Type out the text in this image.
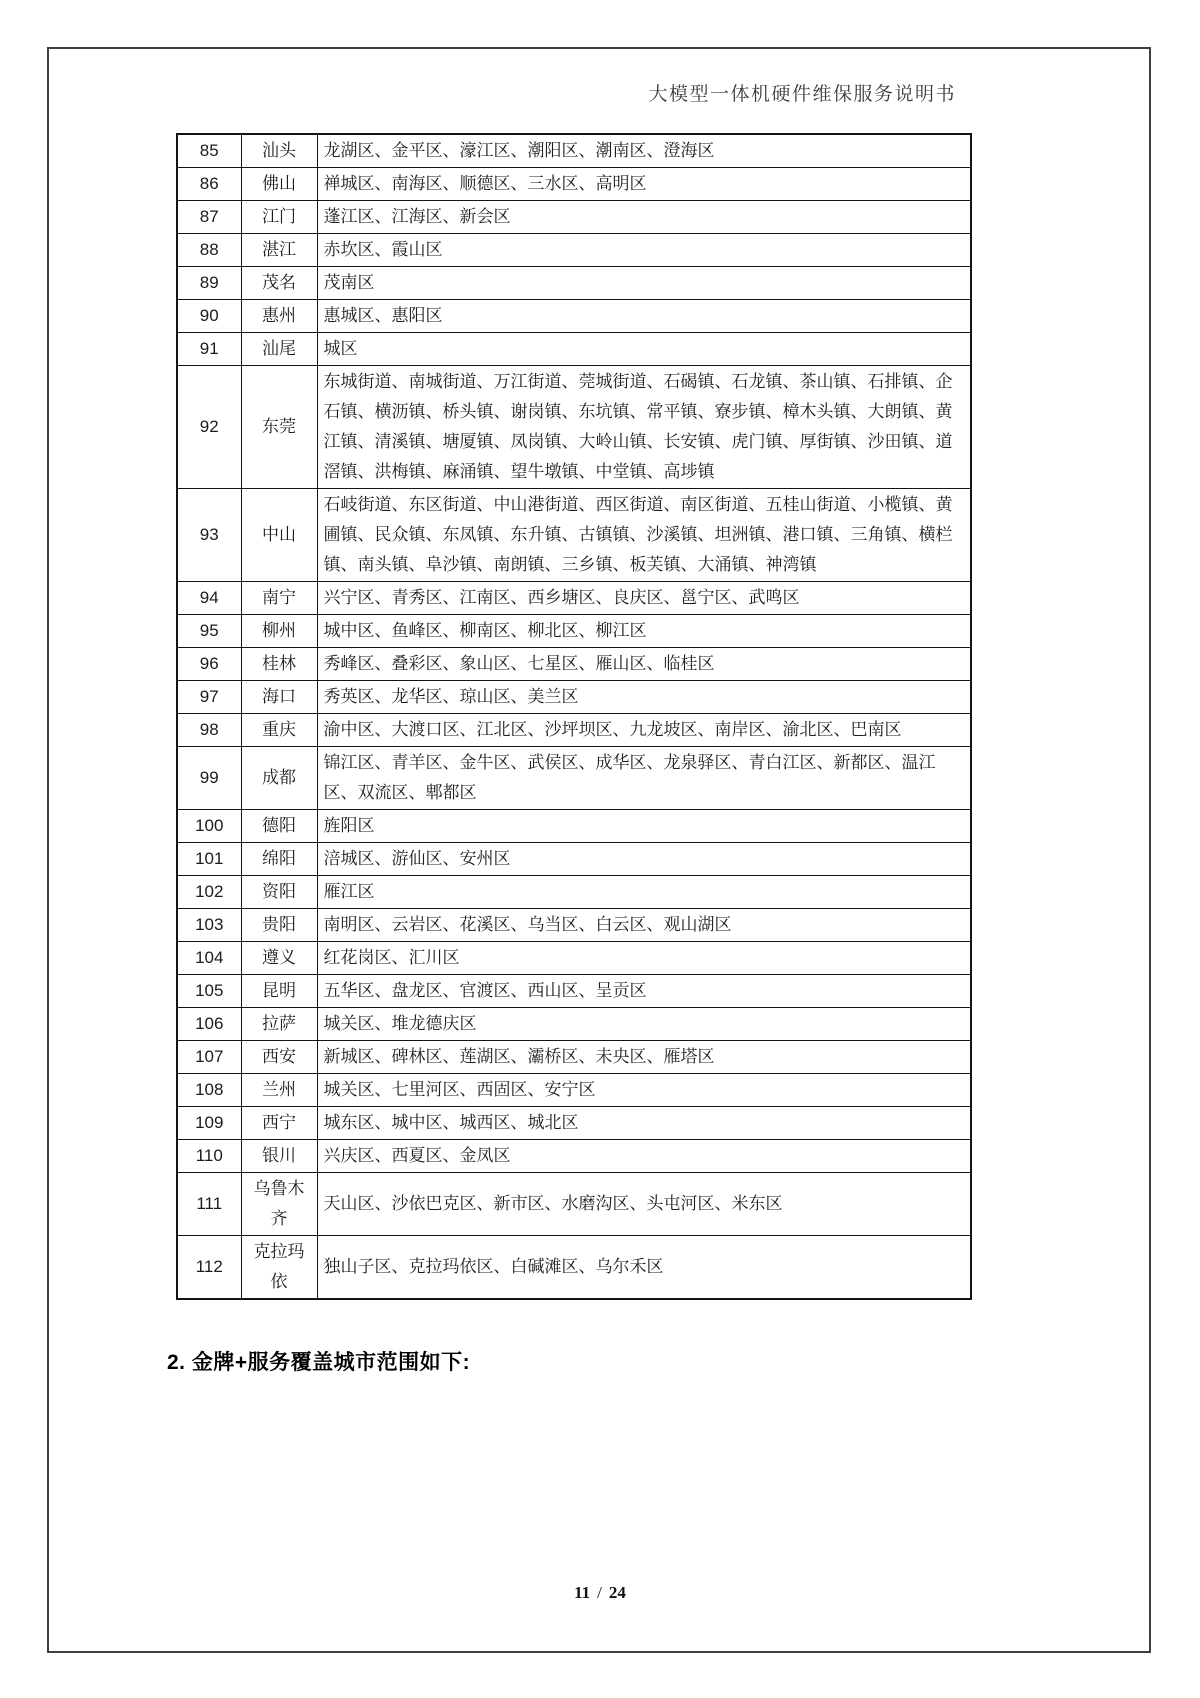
大模型一体机硬件维保服务说明书
85	汕头	龙湖区、金平区、濠江区、潮阳区、潮南区、澄海区
86	佛山	禅城区、南海区、顺德区、三水区、高明区
87	江门	蓬江区、江海区、新会区
88	湛江	赤坎区、霞山区
89	茂名	茂南区
90	惠州	惠城区、惠阳区
91	汕尾	城区
92	东莞	东城街道、南城街道、万江街道、莞城街道、石碣镇、石龙镇、茶山镇、石排镇、企石镇、横沥镇、桥头镇、谢岗镇、东坑镇、常平镇、寮步镇、樟木头镇、大朗镇、黄江镇、清溪镇、塘厦镇、凤岗镇、大岭山镇、长安镇、虎门镇、厚街镇、沙田镇、道滘镇、洪梅镇、麻涌镇、望牛墩镇、中堂镇、高埗镇
93	中山	石岐街道、东区街道、中山港街道、西区街道、南区街道、五桂山街道、小榄镇、黄圃镇、民众镇、东凤镇、东升镇、古镇镇、沙溪镇、坦洲镇、港口镇、三角镇、横栏镇、南头镇、阜沙镇、南朗镇、三乡镇、板芙镇、大涌镇、神湾镇
94	南宁	兴宁区、青秀区、江南区、西乡塘区、良庆区、邕宁区、武鸣区
95	柳州	城中区、鱼峰区、柳南区、柳北区、柳江区
96	桂林	秀峰区、叠彩区、象山区、七星区、雁山区、临桂区
97	海口	秀英区、龙华区、琼山区、美兰区
98	重庆	渝中区、大渡口区、江北区、沙坪坝区、九龙坡区、南岸区、渝北区、巴南区
99	成都	锦江区、青羊区、金牛区、武侯区、成华区、龙泉驿区、青白江区、新都区、温江区、双流区、郫都区
100	德阳	旌阳区
101	绵阳	涪城区、游仙区、安州区
102	资阳	雁江区
103	贵阳	南明区、云岩区、花溪区、乌当区、白云区、观山湖区
104	遵义	红花岗区、汇川区
105	昆明	五华区、盘龙区、官渡区、西山区、呈贡区
106	拉萨	城关区、堆龙德庆区
107	西安	新城区、碑林区、莲湖区、灞桥区、未央区、雁塔区
108	兰州	城关区、七里河区、西固区、安宁区
109	西宁	城东区、城中区、城西区、城北区
110	银川	兴庆区、西夏区、金凤区
111	乌鲁木齐	天山区、沙依巴克区、新市区、水磨沟区、头屯河区、米东区
112	克拉玛依	独山子区、克拉玛依区、白碱滩区、乌尔禾区
2. 金牌+服务覆盖城市范围如下:
11 / 24
